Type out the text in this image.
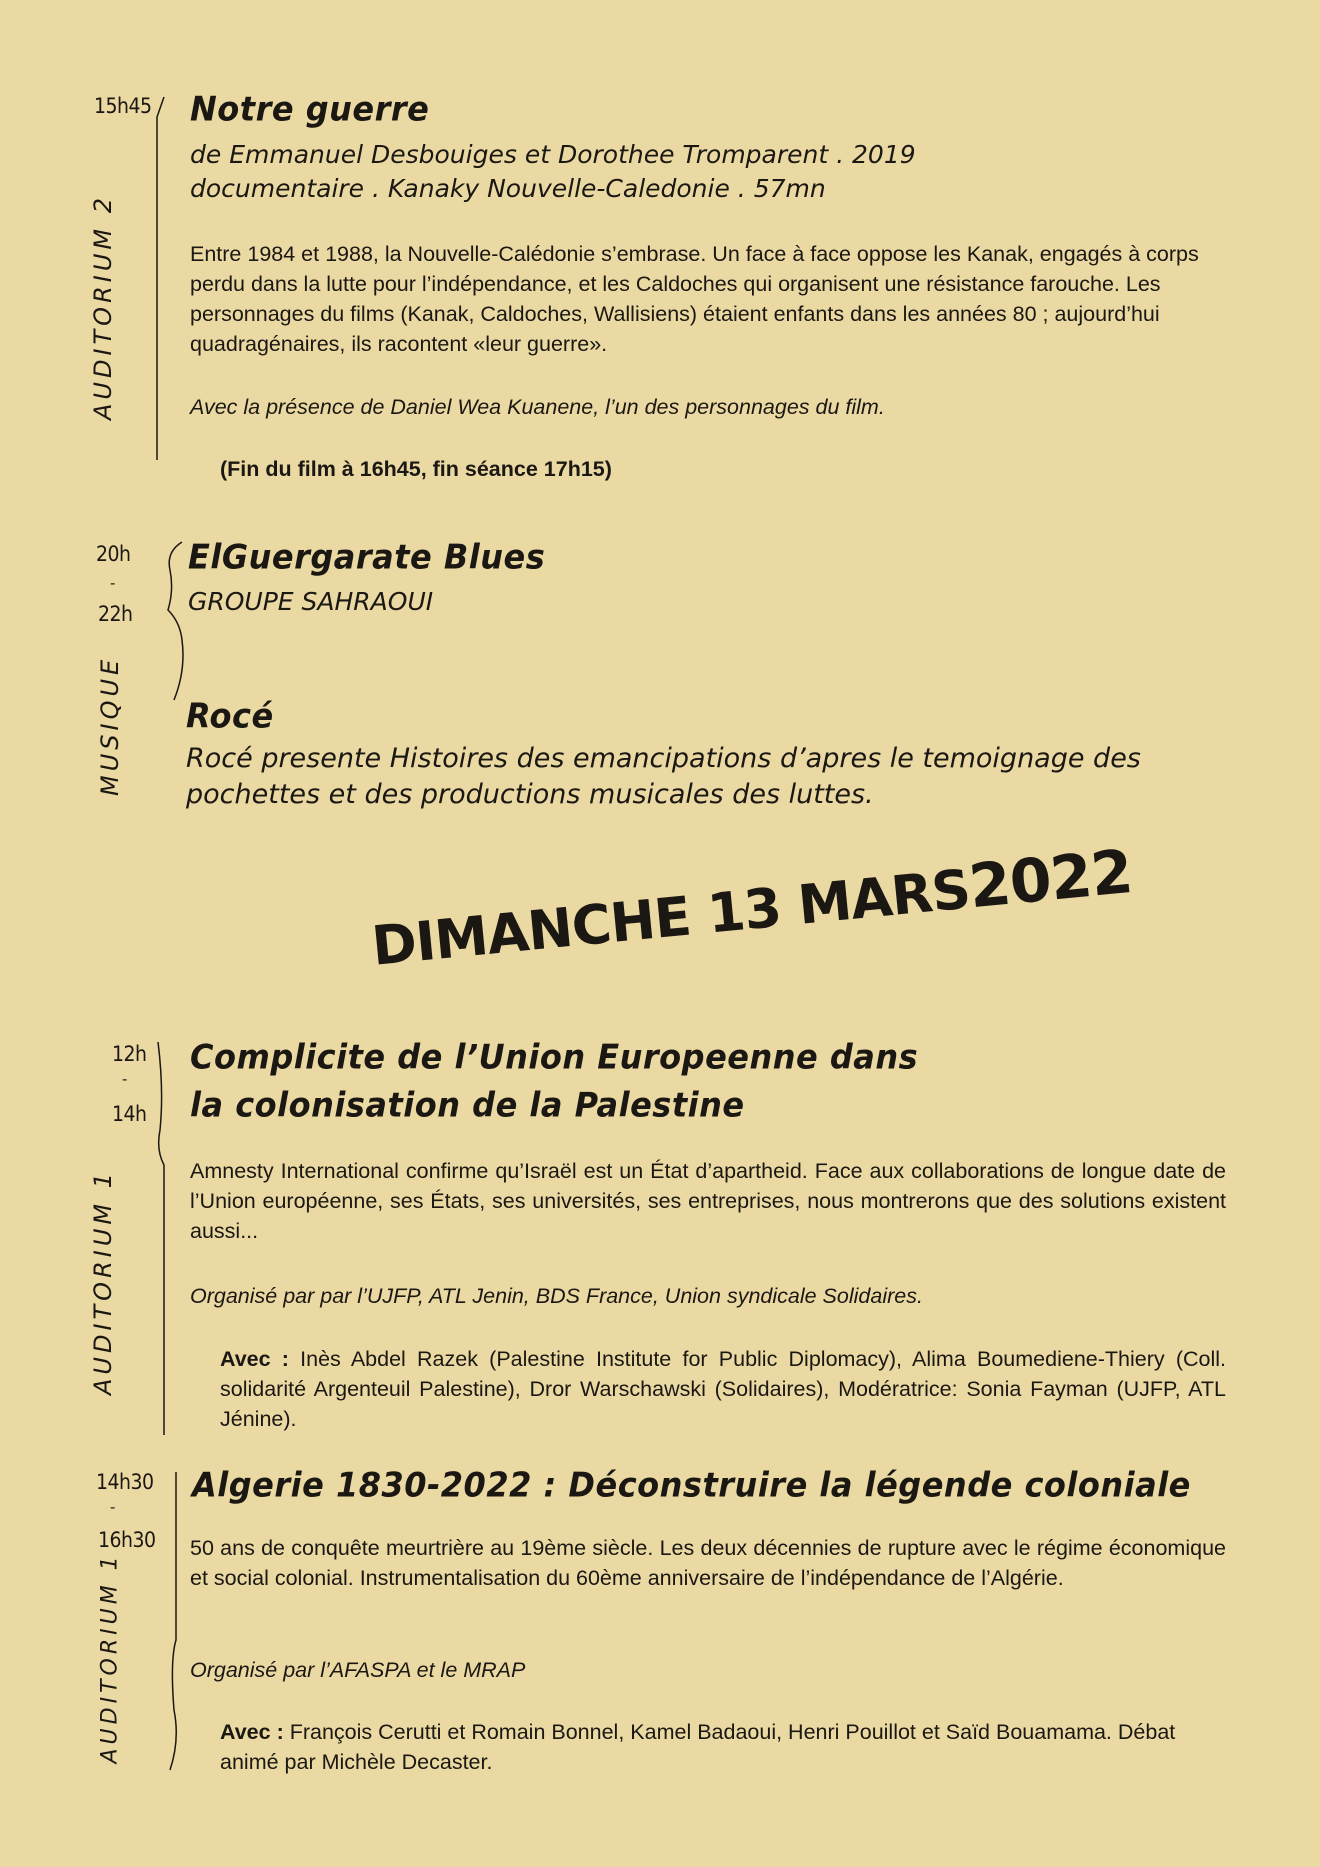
15h45
AUDITORIUM 2
Notre guerre
de Emmanuel Desbouiges et Dorothee Tromparent . 2019
documentaire . Kanaky Nouvelle-Caledonie . 57mn
Entre 1984 et 1988, la Nouvelle-Calédonie s’embrase. Un face à face oppose les Kanak, engagés à corps perdu dans la lutte pour l’indépendance, et les Caldoches qui organisent une résistance farouche. Les personnages du films (Kanak, Caldoches, Wallisiens) étaient enfants dans les années 80 ; aujourd’hui quadragénaires, ils racontent «leur guerre».
Avec la présence de Daniel Wea Kuanene, l’un des personnages du film.
(Fin du film à 16h45, fin séance 17h15)
20h
-
22h
MUSIQUE
ElGuergarate Blues
GROUPE SAHRAOUI
Rocé
Rocé presente Histoires des emancipations d’apres le temoignage des
pochettes et des productions musicales des luttes.
DIMANCHE 13 MARS2022
12h
-
14h
AUDITORIUM 1
Complicite de l’Union Europeenne dans
la colonisation de la Palestine
Amnesty International confirme qu’Israël est un État d’apartheid. Face aux collaborations de longue date de l’Union européenne, ses États, ses universités, ses entreprises, nous montrerons que des solutions existent aussi...
Organisé par par l’UJFP, ATL Jenin, BDS France, Union syndicale Solidaires.
Avec : Inès Abdel Razek (Palestine Institute for Public Diplomacy), Alima Boumediene-Thiery (Coll. solidarité Argenteuil Palestine), Dror Warschawski (Solidaires), Modératrice: Sonia Fayman (UJFP, ATL Jénine).
14h30
-
16h30
AUDITORIUM 1
Algerie 1830-2022 : Déconstruire la légende coloniale
50 ans de conquête meurtrière au 19ème siècle. Les deux décennies de rupture avec le régime économique et social colonial. Instrumentalisation du 60ème anniversaire de l’indépendance de l’Algérie.
Organisé par l’AFASPA et le MRAP
Avec : François Cerutti et Romain Bonnel, Kamel Badaoui, Henri Pouillot et Saïd Bouamama. Débat animé par Michèle Decaster.
